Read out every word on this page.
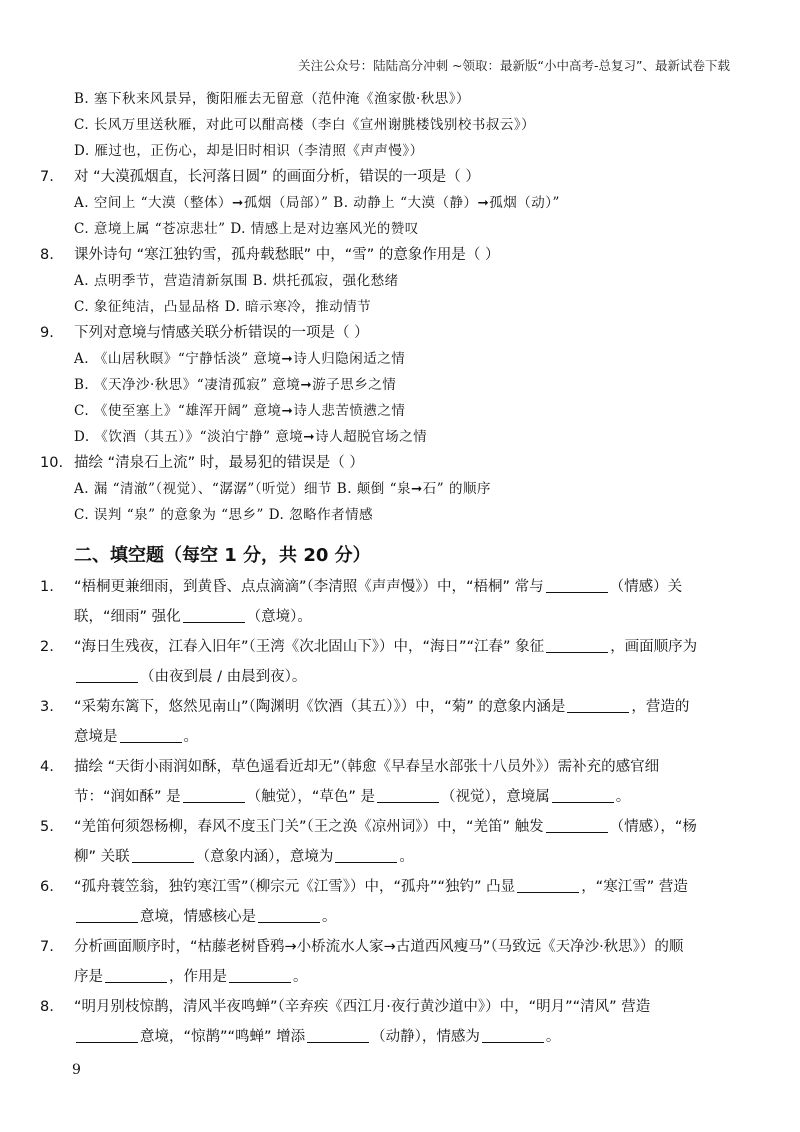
关注公众号：陆陆高分冲刺 ~领取：最新版“小中高考-总复习”、最新试卷下载
B. 塞下秋来风景异，衡阳雁去无留意（范仲淹《渔家傲·秋思》）
C. 长风万里送秋雁，对此可以酣高楼（李白《宣州谢朓楼饯别校书叔云》）
D. 雁过也，正伤心，却是旧时相识（李清照《声声慢》）
7. 对 “大漠孤烟直，长河落日圆” 的画面分析，错误的一项是（ ）
A. 空间上 “大漠（整体）➞孤烟（局部）” B. 动静上 “大漠（静）➞孤烟（动）”
C. 意境上属 “苍凉悲壮” D. 情感上是对边塞风光的赞叹
8. 课外诗句 “寒江独钓雪，孤舟载愁眠” 中，“雪” 的意象作用是（ ）
A. 点明季节，营造清新氛围 B. 烘托孤寂，强化愁绪
C. 象征纯洁，凸显品格 D. 暗示寒冷，推动情节
9. 下列对意境与情感关联分析错误的一项是（ ）
A. 《山居秋暝》“宁静恬淡” 意境➞诗人归隐闲适之情
B. 《天净沙·秋思》“凄清孤寂” 意境➞游子思乡之情
C. 《使至塞上》“雄浑开阔” 意境➞诗人悲苦愤懑之情
D. 《饮酒（其五）》“淡泊宁静” 意境➞诗人超脱官场之情
10. 描绘 “清泉石上流” 时，最易犯的错误是（ ）
A. 漏 “清澈”（视觉）、“潺潺”（听觉）细节 B. 颠倒 “泉➞石” 的顺序
C. 误判 “泉” 的意象为 “思乡” D. 忽略作者情感
二、填空题（每空 1 分，共 20 分）
1. “梧桐更兼细雨，到黄昏、点点滴滴”（李清照《声声慢》）中，“梧桐” 常与	（情感）关
联，“细雨” 强化	（意境）。
2. “海日生残夜，江春入旧年”（王湾《次北固山下》）中，“海日”“江春” 象征	，画面顺序为
（由夜到晨 / 由晨到夜）。
3. “采菊东篱下，悠然见南山”（陶渊明《饮酒（其五）》）中，“菊” 的意象内涵是	，营造的
意境是	。
4. 描绘 “天街小雨润如酥，草色遥看近却无”（韩愈《早春呈水部张十八员外》）需补充的感官细
节：“润如酥” 是	（触觉），“草色” 是	（视觉），意境属	。
5. “羌笛何须怨杨柳，春风不度玉门关”（王之涣《凉州词》）中，“羌笛” 触发	（情感），“杨
柳” 关联	（意象内涵），意境为	。
6. “孤舟蓑笠翁，独钓寒江雪”（柳宗元《江雪》）中，“孤舟”“独钓” 凸显	，“寒江雪” 营造
意境，情感核心是	。
7. 分析画面顺序时，“枯藤老树昏鸦→小桥流水人家→古道西风瘦马”（马致远《天净沙·秋思》）的顺
序是	，作用是	。
8. “明月别枝惊鹊，清风半夜鸣蝉”（辛弃疾《西江月·夜行黄沙道中》）中，“明月”“清风” 营造
意境，“惊鹊”“鸣蝉” 增添	（动静），情感为	。
9
